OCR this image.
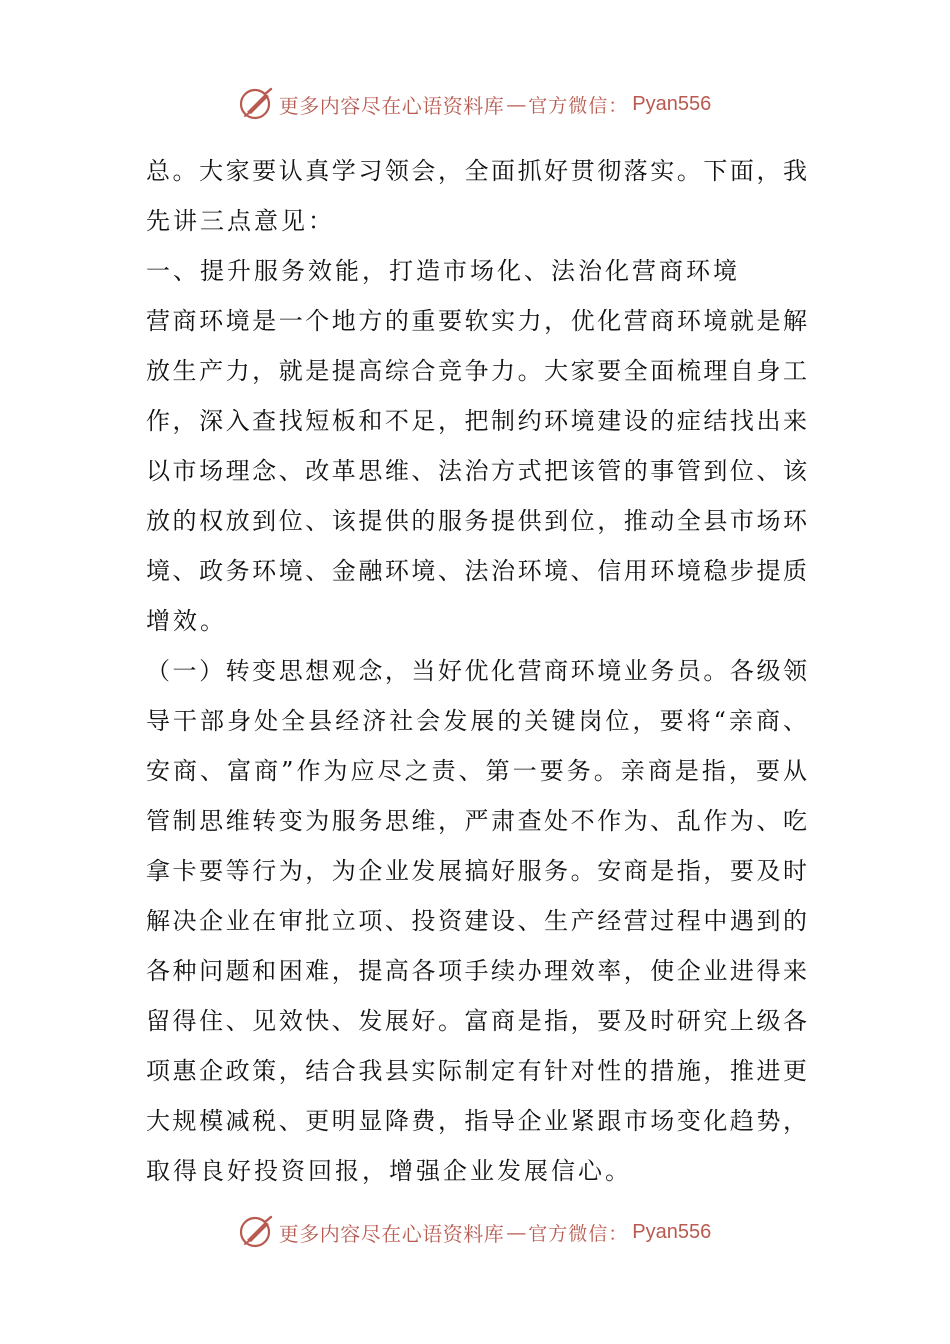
更多内容尽在心语资料库 — 官方微信： Pyan556
总。大家要认真学习领会，全面抓好贯彻落实。下面，我
先讲三点意见：
一、提升服务效能，打造市场化、法治化营商环境
营商环境是一个地方的重要软实力，优化营商环境就是解
放生产力，就是提高综合竞争力。大家要全面梳理自身工
作，深入查找短板和不足，把制约环境建设的症结找出来
以市场理念、改革思维、法治方式把该管的事管到位、该
放的权放到位、该提供的服务提供到位，推动全县市场环
境、政务环境、金融环境、法治环境、信用环境稳步提质
增效。
（一）转变思想观念，当好优化营商环境业务员。各级领
导干部身处全县经济社会发展的关键岗位，要将“亲商、
安商、富商”作为应尽之责、第一要务。亲商是指，要从
管制思维转变为服务思维，严肃查处不作为、乱作为、吃
拿卡要等行为，为企业发展搞好服务。安商是指，要及时
解决企业在审批立项、投资建设、生产经营过程中遇到的
各种问题和困难，提高各项手续办理效率，使企业进得来
留得住、见效快、发展好。富商是指，要及时研究上级各
项惠企政策，结合我县实际制定有针对性的措施，推进更
大规模减税、更明显降费，指导企业紧跟市场变化趋势，
取得良好投资回报，增强企业发展信心。
更多内容尽在心语资料库 — 官方微信： Pyan556
